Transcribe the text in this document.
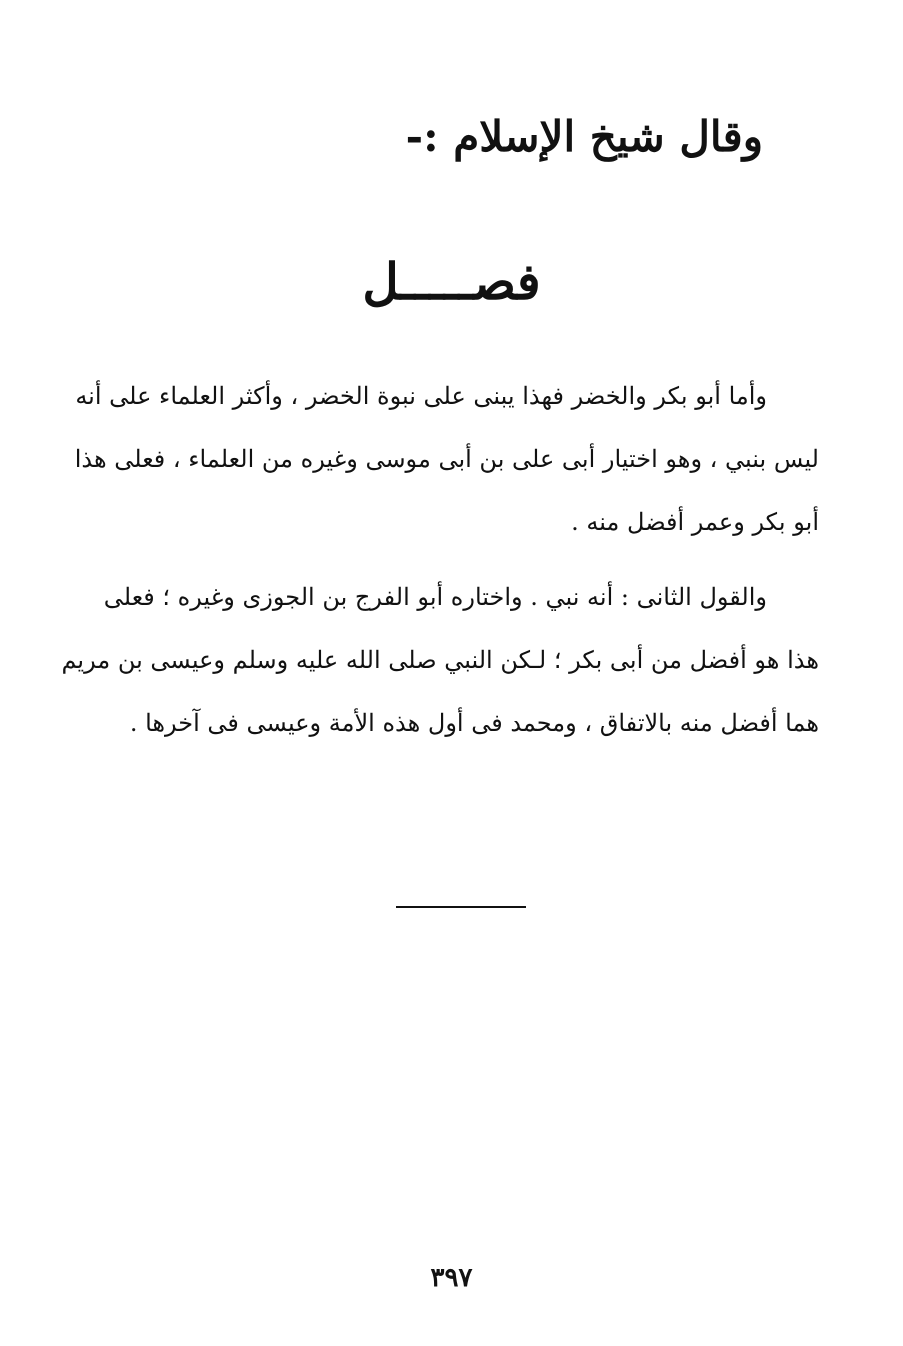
وقال شيخ الإسلام :-
فصـــــل

وأما أبو بكر والخضر فهذا يبنى على نبوة الخضر ، وأكثر العلماء على أنه
ليس بنبي ، وهو اختيار أبى على بن أبى موسى وغيره من العلماء ، فعلى هذا
أبو بكر وعمر أفضل منه .

والقول الثانى : أنه نبي . واختاره أبو الفرج بن الجوزى وغيره ؛ فعلى
هذا هو أفضل من أبى بكر ؛ لـكن النبي صلى الله عليه وسلم وعيسى بن مريم
هما أفضل منه بالاتفاق ، ومحمد فى أول هذه الأمة وعيسى فى آخرها .

٣٩٧
